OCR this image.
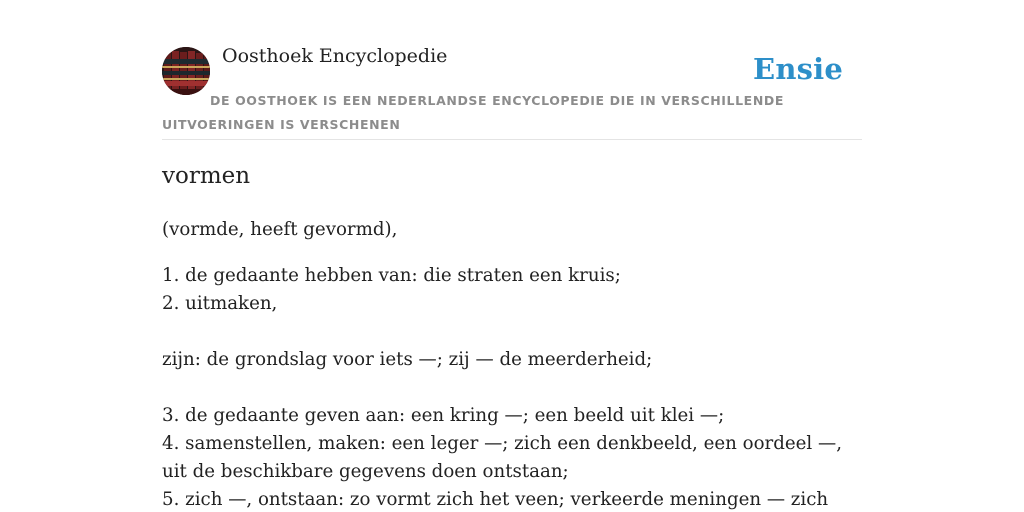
Oosthoek Encyclopedie	Ensie
DE OOSTHOEK IS EEN NEDERLANDSE ENCYCLOPEDIE DIE IN VERSCHILLENDE UITVOERINGEN IS VERSCHENEN
vormen

(vormde, heeft gevormd),

1. de gedaante hebben van: die straten een kruis;

2. uitmaken,

zijn: de grondslag voor iets —; zij — de meerderheid;

3. de gedaante geven aan: een kring —; een beeld uit klei —;

4. samenstellen, maken: een leger —; zich een denkbeeld, een oordeel —, uit de beschikbare gegevens doen ontstaan;

5. zich —, ontstaan: zo vormt zich het veen; verkeerde meningen — zich
